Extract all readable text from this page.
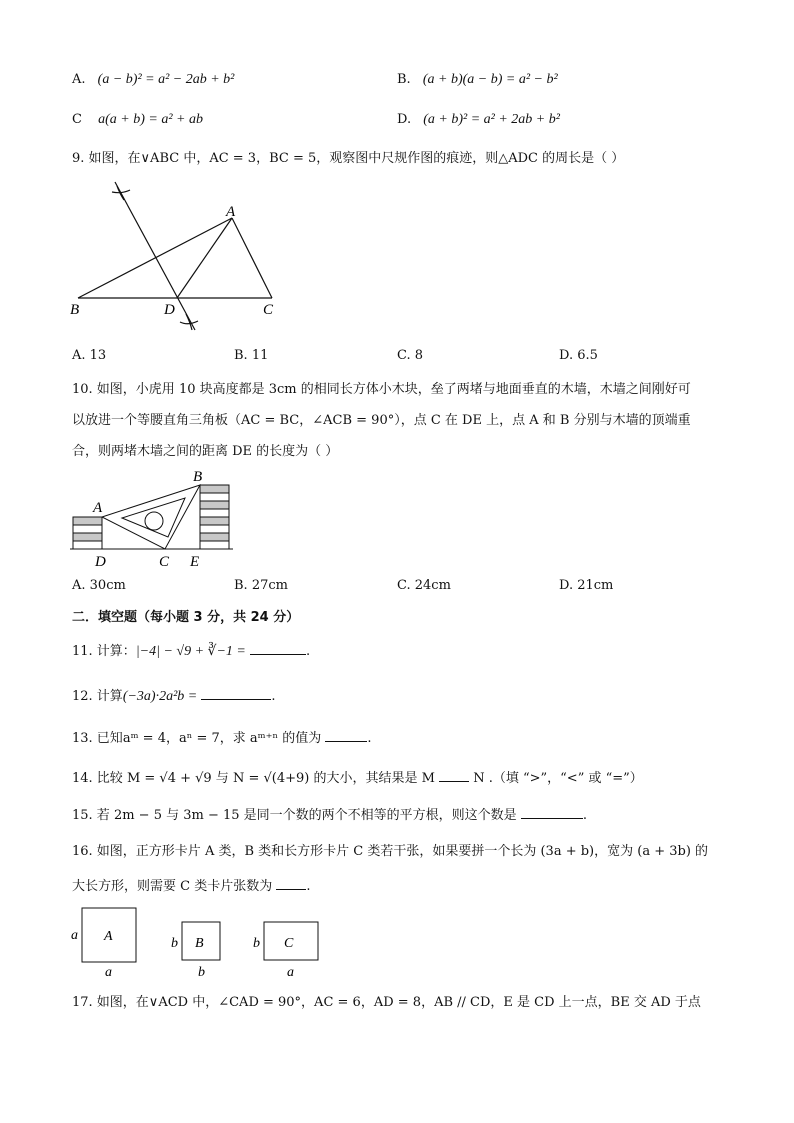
A. (a − b)² = a² − 2ab + b²	B. (a + b)(a − b) = a² − b²
C a(a + b) = a² + ab	D. (a + b)² = a² + 2ab + b²
9. 如图，在∨ABC 中，AC = 3，BC = 5，观察图中尺规作图的痕迹，则△ADC 的周长是（ ）
A
B	D	C
A. 13	B. 11	C. 8	D. 6.5
10. 如图，小虎用 10 块高度都是 3cm 的相同长方体小木块，垒了两堵与地面垂直的木墙，木墙之间刚好可
以放进一个等腰直角三角板（AC = BC，∠ACB = 90°），点 C 在 DE 上，点 A 和 B 分别与木墙的顶端重
合，则两堵木墙之间的距离 DE 的长度为（ ）
A
B
D	C E
A. 30cm	B. 27cm	C. 24cm	D. 21cm
二．填空题（每小题 3 分，共 24 分）
11. 计算：|−4| − √9 + ∛−1 =	.
12. 计算(−3a)·2a²b =	.
13. 已知aᵐ = 4，aⁿ = 7，求 aᵐ⁺ⁿ 的值为	.
14. 比较 M = √4 + √9 与 N = √(4+9) 的大小，其结果是 M	N .（填 “>”，“<” 或 “=”）
15. 若 2m − 5 与 3m − 15 是同一个数的两个不相等的平方根，则这个数是	.
16. 如图，正方形卡片 A 类，B 类和长方形卡片 C 类若干张，如果要拼一个长为 (3a + b)，宽为 (a + 3b) 的
大长方形，则需要 C 类卡片张数为	.
A
a
a
B
b
b
C
b
a
17. 如图，在∨ACD 中，∠CAD = 90°，AC = 6，AD = 8，AB // CD，E 是 CD 上一点，BE 交 AD 于点
